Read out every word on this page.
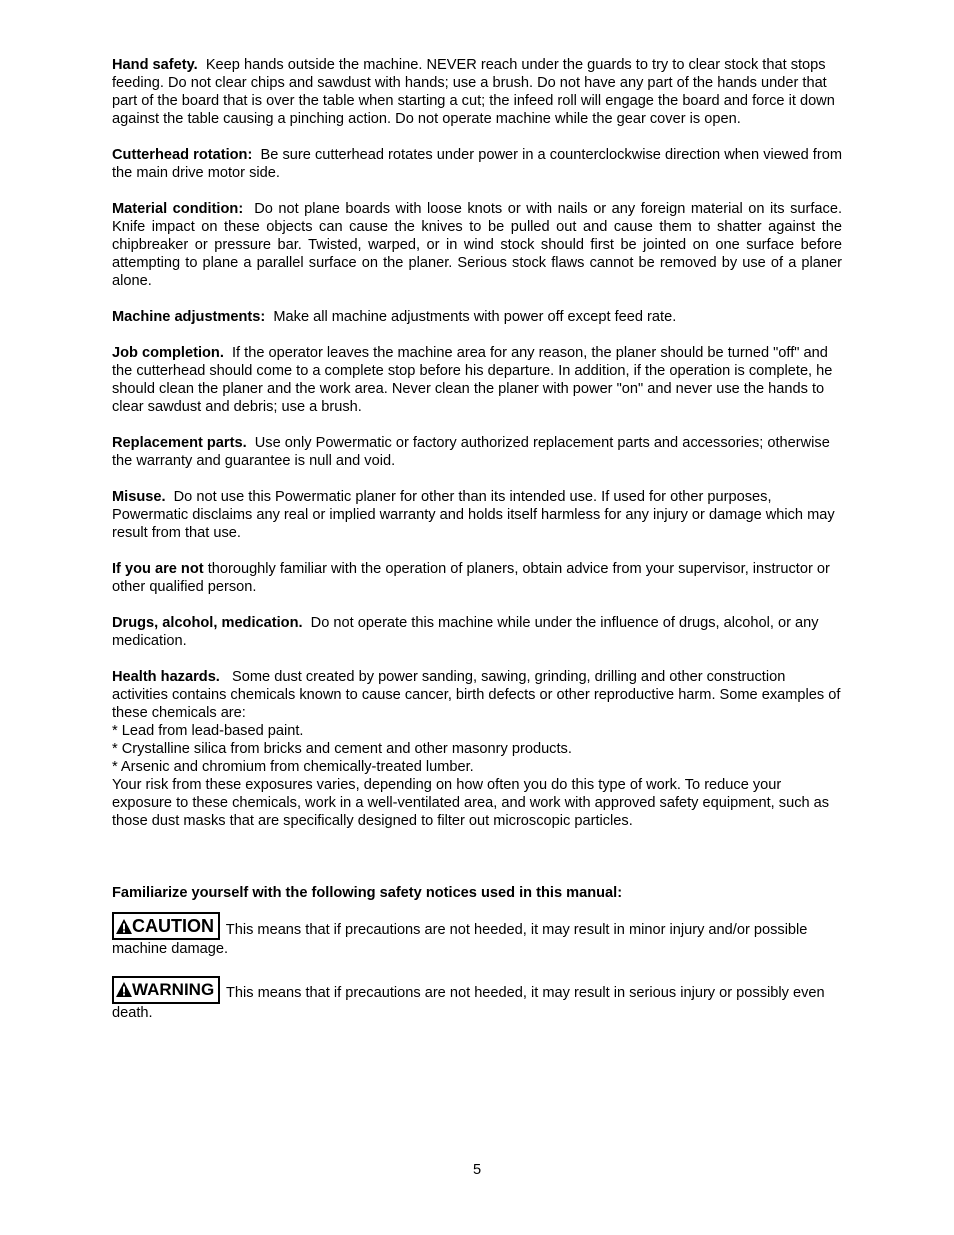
Hand safety. Keep hands outside the machine. NEVER reach under the guards to try to clear stock that stops feeding. Do not clear chips and sawdust with hands; use a brush. Do not have any part of the hands under that part of the board that is over the table when starting a cut; the infeed roll will engage the board and force it down against the table causing a pinching action. Do not operate machine while the gear cover is open.

Cutterhead rotation: Be sure cutterhead rotates under power in a counterclockwise direction when viewed from the main drive motor side.

Material condition: Do not plane boards with loose knots or with nails or any foreign material on its surface. Knife impact on these objects can cause the knives to be pulled out and cause them to shatter against the chipbreaker or pressure bar. Twisted, warped, or in wind stock should first be jointed on one surface before attempting to plane a parallel surface on the planer. Serious stock flaws cannot be removed by use of a planer alone.

Machine adjustments: Make all machine adjustments with power off except feed rate.

Job completion. If the operator leaves the machine area for any reason, the planer should be turned "off" and the cutterhead should come to a complete stop before his departure. In addition, if the operation is complete, he should clean the planer and the work area. Never clean the planer with power "on" and never use the hands to clear sawdust and debris; use a brush.

Replacement parts. Use only Powermatic or factory authorized replacement parts and accessories; otherwise the warranty and guarantee is null and void.

Misuse. Do not use this Powermatic planer for other than its intended use. If used for other purposes, Powermatic disclaims any real or implied warranty and holds itself harmless for any injury or damage which may result from that use.

If you are not thoroughly familiar with the operation of planers, obtain advice from your supervisor, instructor or other qualified person.

Drugs, alcohol, medication. Do not operate this machine while under the influence of drugs, alcohol, or any medication.

Health hazards. Some dust created by power sanding, sawing, grinding, drilling and other construction activities contains chemicals known to cause cancer, birth defects or other reproductive harm. Some examples of these chemicals are:
* Lead from lead-based paint.
* Crystalline silica from bricks and cement and other masonry products.
* Arsenic and chromium from chemically-treated lumber.
Your risk from these exposures varies, depending on how often you do this type of work. To reduce your exposure to these chemicals, work in a well-ventilated area, and work with approved safety equipment, such as those dust masks that are specifically designed to filter out microscopic particles.

Familiarize yourself with the following safety notices used in this manual:

CAUTION This means that if precautions are not heeded, it may result in minor injury and/or possible machine damage.

WARNING This means that if precautions are not heeded, it may result in serious injury or possibly even death.

5
